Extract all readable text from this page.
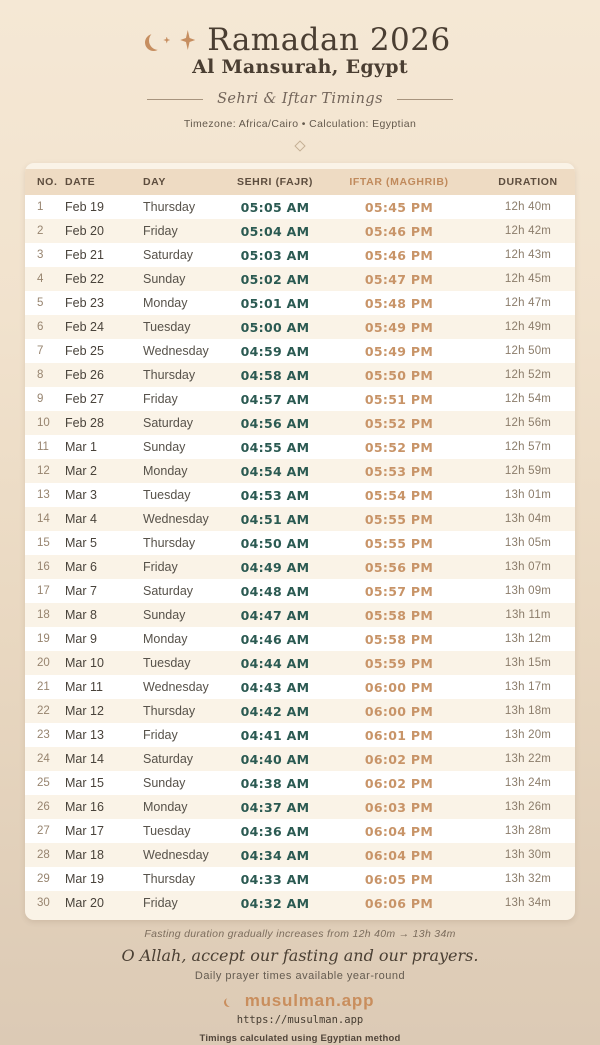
Ramadan 2026
Al Mansurah, Egypt
Sehri & Iftar Timings
Timezone: Africa/Cairo • Calculation: Egyptian
NO. DATE	DAY	SEHRI (FAJR)	IFTAR (MAGHRIB)	DURATION
1	Feb 19	Thursday	05:05 AM	05:45 PM	12h 40m
2	Feb 20	Friday	05:04 AM	05:46 PM	12h 42m
3	Feb 21	Saturday	05:03 AM	05:46 PM	12h 43m
4	Feb 22	Sunday	05:02 AM	05:47 PM	12h 45m
5	Feb 23	Monday	05:01 AM	05:48 PM	12h 47m
6	Feb 24	Tuesday	05:00 AM	05:49 PM	12h 49m
7	Feb 25	Wednesday	04:59 AM	05:49 PM	12h 50m
8	Feb 26	Thursday	04:58 AM	05:50 PM	12h 52m
9	Feb 27	Friday	04:57 AM	05:51 PM	12h 54m
10	Feb 28	Saturday	04:56 AM	05:52 PM	12h 56m
11	Mar 1	Sunday	04:55 AM	05:52 PM	12h 57m
12	Mar 2	Monday	04:54 AM	05:53 PM	12h 59m
13	Mar 3	Tuesday	04:53 AM	05:54 PM	13h 01m
14	Mar 4	Wednesday	04:51 AM	05:55 PM	13h 04m
15	Mar 5	Thursday	04:50 AM	05:55 PM	13h 05m
16	Mar 6	Friday	04:49 AM	05:56 PM	13h 07m
17	Mar 7	Saturday	04:48 AM	05:57 PM	13h 09m
18	Mar 8	Sunday	04:47 AM	05:58 PM	13h 11m
19	Mar 9	Monday	04:46 AM	05:58 PM	13h 12m
20	Mar 10	Tuesday	04:44 AM	05:59 PM	13h 15m
21	Mar 11	Wednesday	04:43 AM	06:00 PM	13h 17m
22	Mar 12	Thursday	04:42 AM	06:00 PM	13h 18m
23	Mar 13	Friday	04:41 AM	06:01 PM	13h 20m
24	Mar 14	Saturday	04:40 AM	06:02 PM	13h 22m
25	Mar 15	Sunday	04:38 AM	06:02 PM	13h 24m
26	Mar 16	Monday	04:37 AM	06:03 PM	13h 26m
27	Mar 17	Tuesday	04:36 AM	06:04 PM	13h 28m
28	Mar 18	Wednesday	04:34 AM	06:04 PM	13h 30m
29	Mar 19	Thursday	04:33 AM	06:05 PM	13h 32m
30	Mar 20	Friday	04:32 AM	06:06 PM	13h 34m
Fasting duration gradually increases from 12h 40m → 13h 34m
O Allah, accept our fasting and our prayers.
Daily prayer times available year-round
musulman.app
https://musulman.app
Timings calculated using Egyptian method
